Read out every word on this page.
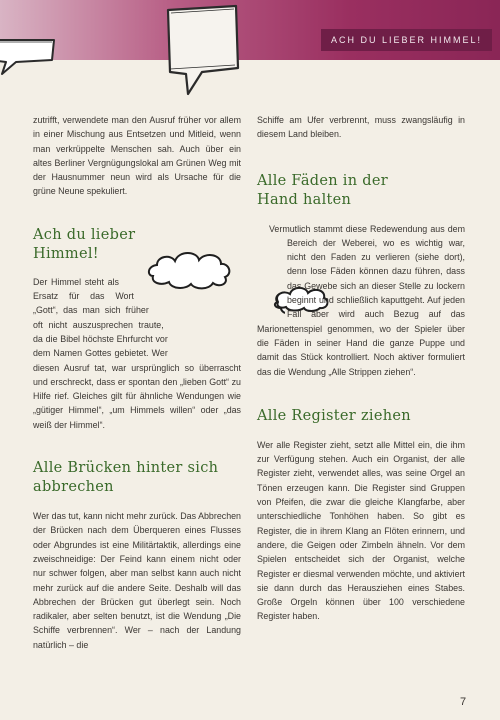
ACH DU LIEBER HIMMEL!

zutrifft, verwendete man den Ausruf früher vor allem in einer Mischung aus Entsetzen und Mitleid, wenn man verkrüppelte Menschen sah. Auch über ein altes Berliner Vergnügungslokal am Grünen Weg mit der Hausnummer neun wird als Ursache für die grüne Neune spekuliert.

Ach du lieber Himmel!

Der Himmel steht als Ersatz für das Wort „Gott“, das man sich früher oft nicht auszusprechen traute, da die Bibel höchste Ehrfurcht vor dem Namen Gottes gebietet. Wer diesen Ausruf tat, war ursprünglich so überrascht und erschreckt, dass er spontan den „lieben Gott“ zu Hilfe rief. Gleiches gilt für ähnliche Wendungen wie „gütiger Himmel“, „um Himmels willen“ oder „das weiß der Himmel“.

Alle Brücken hinter sich abbrechen

Wer das tut, kann nicht mehr zurück. Das Abbrechen der Brücken nach dem Überqueren eines Flusses oder Abgrundes ist eine Militärtaktik, allerdings eine zweischneidige: Der Feind kann einem nicht oder nur schwer folgen, aber man selbst kann auch nicht mehr zurück auf die andere Seite. Deshalb will das Abbrechen der Brücken gut überlegt sein. Noch radikaler, aber selten benutzt, ist die Wendung „Die Schiffe verbrennen“. Wer – nach der Landung natürlich – die

Schiffe am Ufer verbrennt, muss zwangsläufig in diesem Land bleiben.

Alle Fäden in der Hand halten

Vermutlich stammt diese Redewendung aus dem Bereich der Weberei, wo es wichtig war, nicht den Faden zu verlieren (siehe dort), denn lose Fäden können dazu führen, dass das Gewebe sich an dieser Stelle zu lockern beginnt und schließlich kaputtgeht. Auf jeden Fall aber wird auch Bezug auf das Marionettenspiel genommen, wo der Spieler über die Fäden in seiner Hand die ganze Puppe und damit das Stück kontrolliert. Noch aktiver formuliert das die Wendung „Alle Strippen ziehen“.

Alle Register ziehen

Wer alle Register zieht, setzt alle Mittel ein, die ihm zur Verfügung stehen. Auch ein Organist, der alle Register zieht, verwendet alles, was seine Orgel an Tönen erzeugen kann. Die Register sind Gruppen von Pfeifen, die zwar die gleiche Klangfarbe, aber unterschiedliche Tonhöhen haben. So gibt es Register, die in ihrem Klang an Flöten erinnern, und andere, die Geigen oder Zimbeln ähneln. Vor dem Spielen entscheidet sich der Organist, welche Register er diesmal verwenden möchte, und aktiviert sie dann durch das Herausziehen eines Stabes. Große Orgeln können über 100 verschiedene Register haben.

7
